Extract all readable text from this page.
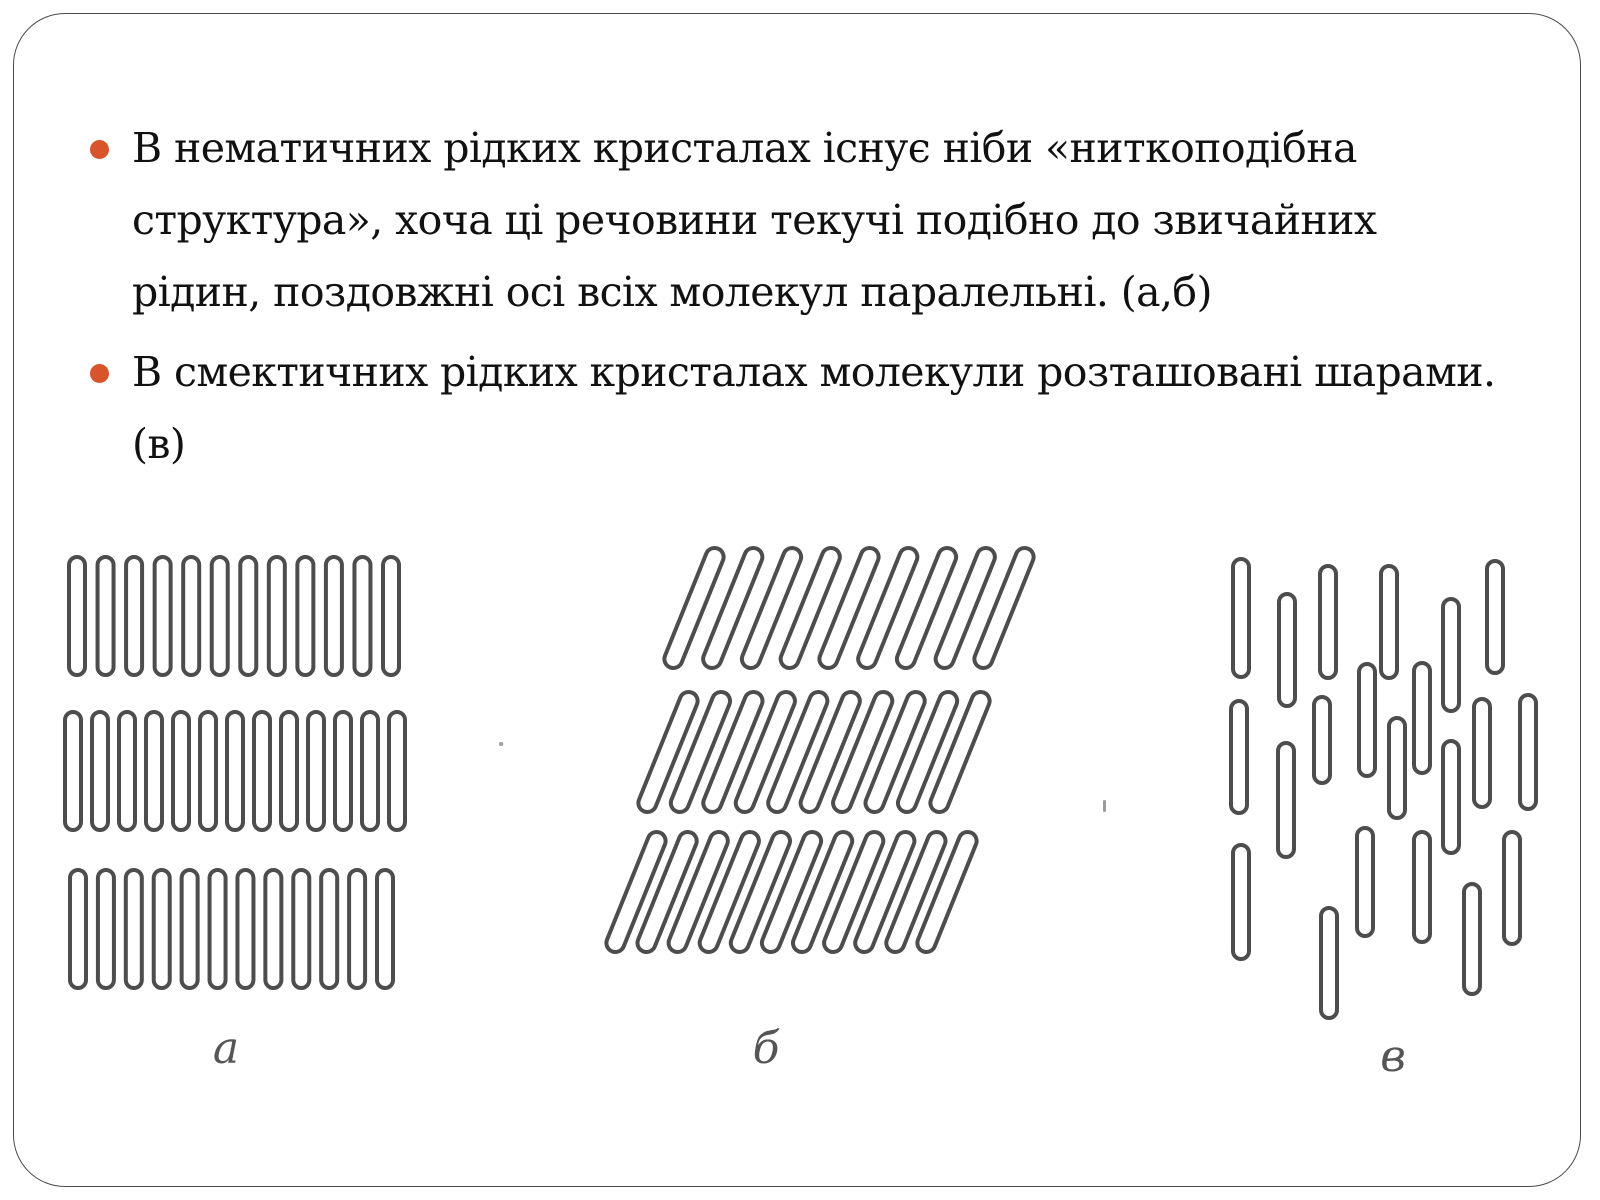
В нематичних рідких кристалах існує ніби «ниткоподібна структура», хоча ці речовини текучі подібно до звичайних рідин, поздовжні осі всіх молекул паралельні. (а,б)
В смектичних рідких кристалах молекули розташовані шарами.(в)
а	б	в
